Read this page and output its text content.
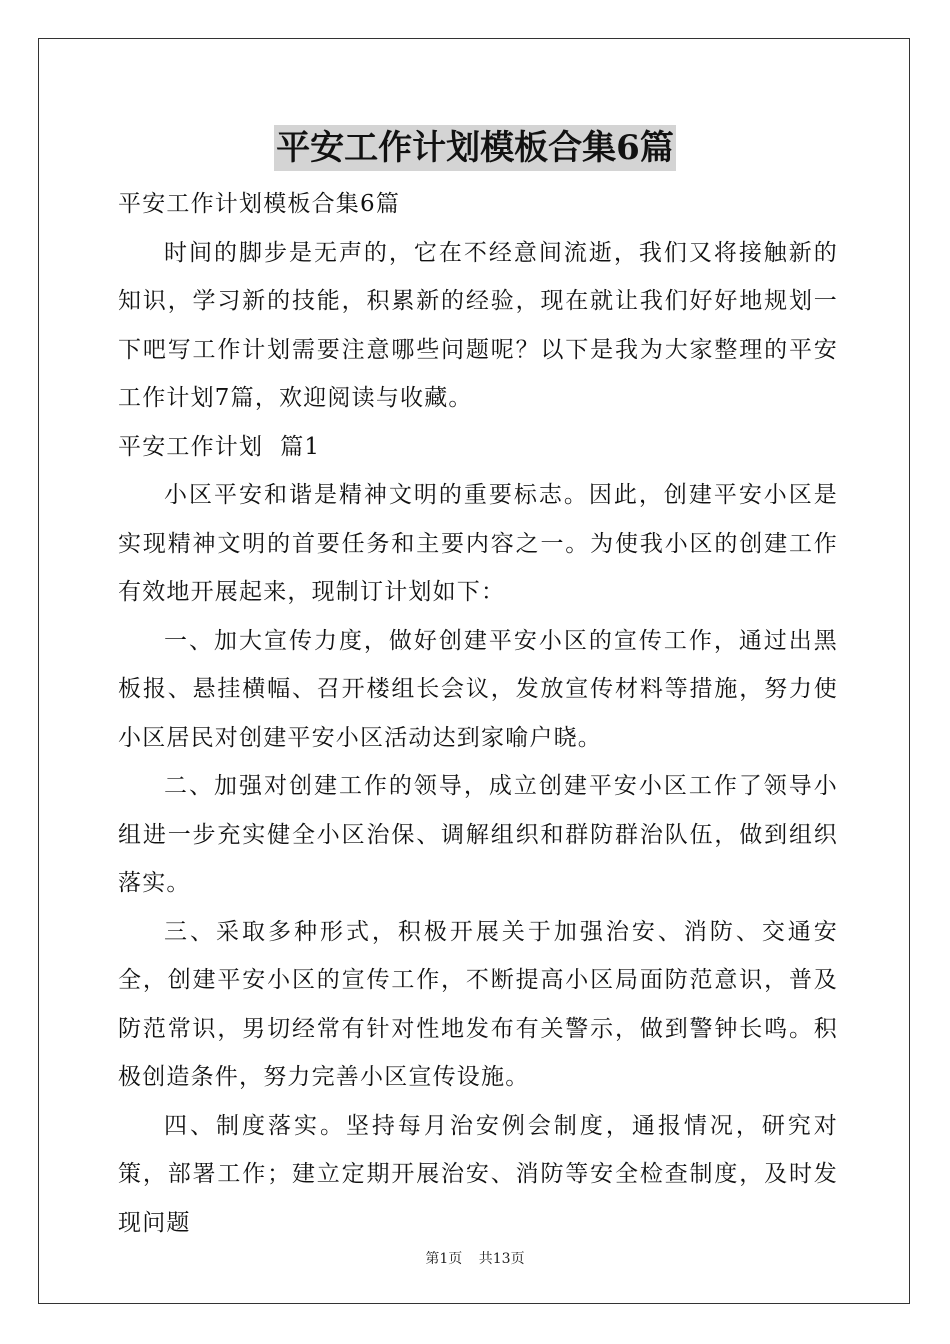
平安工作计划模板合集6篇

平安工作计划模板合集6篇

时间的脚步是无声的，它在不经意间流逝，我们又将接触新的知识，学习新的技能，积累新的经验，现在就让我们好好地规划一下吧写工作计划需要注意哪些问题呢？以下是我为大家整理的平安工作计划7篇，欢迎阅读与收藏。

平安工作计划  篇1

小区平安和谐是精神文明的重要标志。因此，创建平安小区是实现精神文明的首要任务和主要内容之一。为使我小区的创建工作有效地开展起来，现制订计划如下：

一、加大宣传力度，做好创建平安小区的宣传工作，通过出黑板报、悬挂横幅、召开楼组长会议，发放宣传材料等措施，努力使小区居民对创建平安小区活动达到家喻户晓。

二、加强对创建工作的领导，成立创建平安小区工作了领导小组进一步充实健全小区治保、调解组织和群防群治队伍，做到组织落实。

三、采取多种形式，积极开展关于加强治安、消防、交通安全，创建平安小区的宣传工作，不断提高小区局面防范意识，普及防范常识，男切经常有针对性地发布有关警示，做到警钟长鸣。积极创造条件，努力完善小区宣传设施。

四、制度落实。坚持每月治安例会制度，通报情况，研究对策，部署工作；建立定期开展治安、消防等安全检查制度，及时发现问题

第1页 共13页
